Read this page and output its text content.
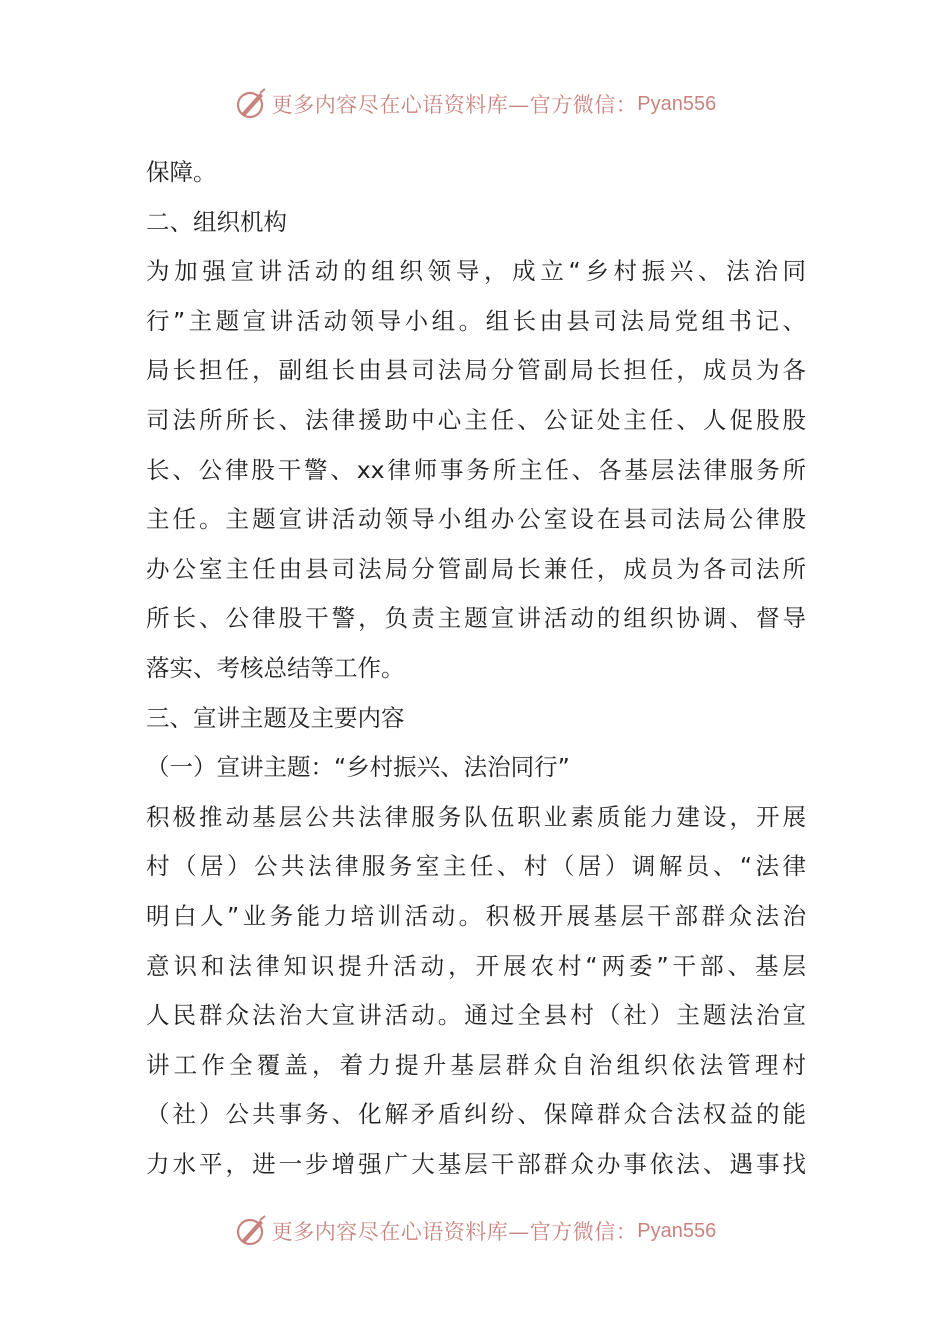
更多内容尽在心语资料库—官方微信： Pyan556
保障。
二、组织机构
为加强宣讲活动的组织领导，成立“乡村振兴、法治同
行”主题宣讲活动领导小组。组长由县司法局党组书记、
局长担任，副组长由县司法局分管副局长担任，成员为各
司法所所长、法律援助中心主任、公证处主任、人促股股
长、公律股干警、xx律师事务所主任、各基层法律服务所
主任。主题宣讲活动领导小组办公室设在县司法局公律股
办公室主任由县司法局分管副局长兼任，成员为各司法所
所长、公律股干警，负责主题宣讲活动的组织协调、督导
落实、考核总结等工作。
三、宣讲主题及主要内容
（一）宣讲主题：“乡村振兴、法治同行”
积极推动基层公共法律服务队伍职业素质能力建设，开展
村（居）公共法律服务室主任、村（居）调解员、“法律
明白人”业务能力培训活动。积极开展基层干部群众法治
意识和法律知识提升活动，开展农村“两委”干部、基层
人民群众法治大宣讲活动。通过全县村（社）主题法治宣
讲工作全覆盖，着力提升基层群众自治组织依法管理村
（社）公共事务、化解矛盾纠纷、保障群众合法权益的能
力水平，进一步增强广大基层干部群众办事依法、遇事找
更多内容尽在心语资料库—官方微信： Pyan556
